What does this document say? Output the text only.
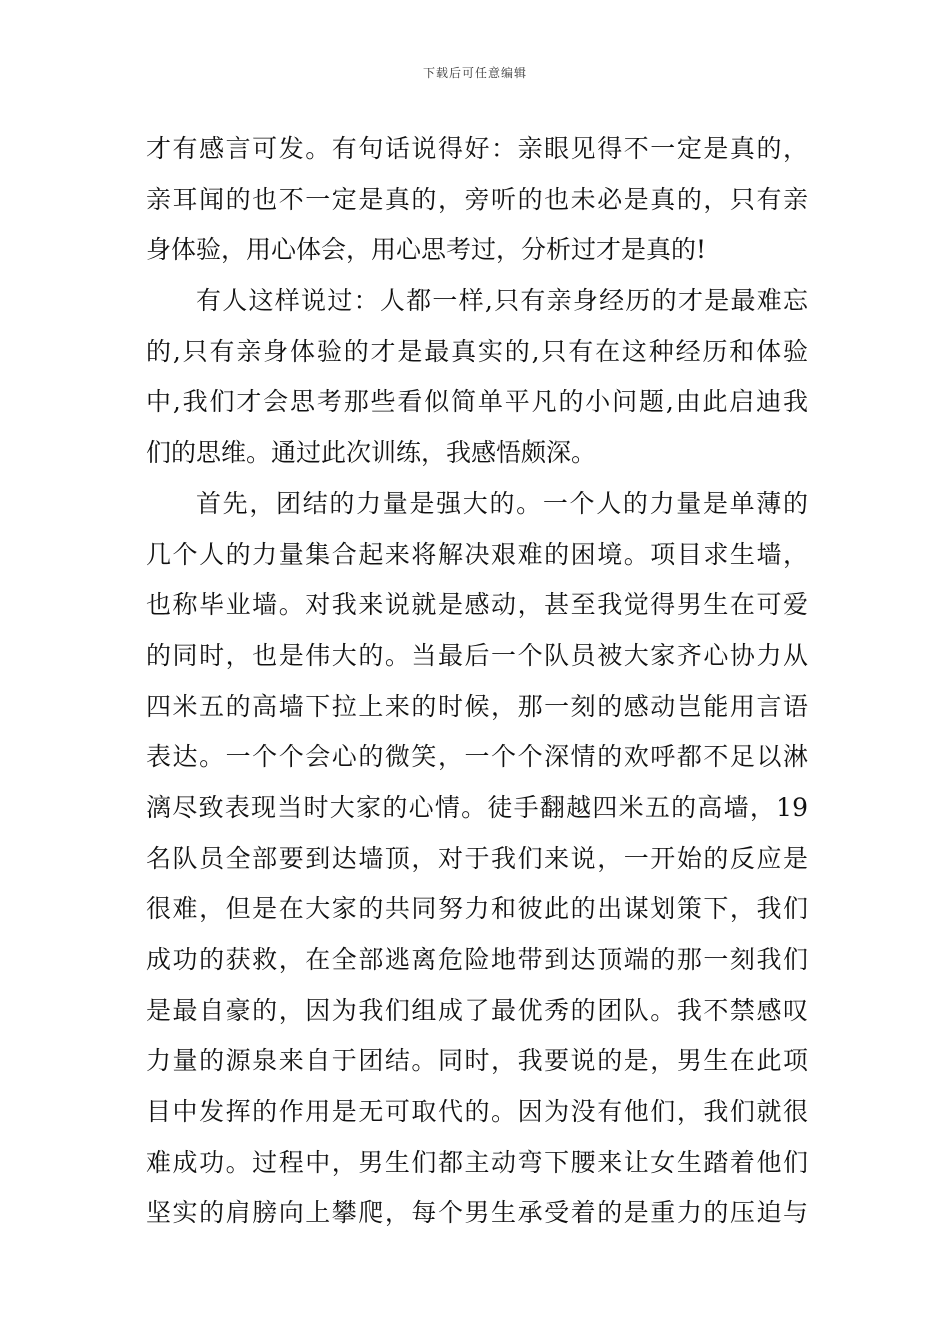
下载后可任意编辑
才有感言可发。有句话说得好：亲眼见得不一定是真的，
亲耳闻的也不一定是真的，旁听的也未必是真的，只有亲
身体验，用心体会，用心思考过，分析过才是真的!
有人这样说过：人都一样,只有亲身经历的才是最难忘
的,只有亲身体验的才是最真实的,只有在这种经历和体验
中,我们才会思考那些看似简单平凡的小问题,由此启迪我
们的思维。通过此次训练，我感悟颇深。
首先，团结的力量是强大的。一个人的力量是单薄的
几个人的力量集合起来将解决艰难的困境。项目求生墙，
也称毕业墙。对我来说就是感动，甚至我觉得男生在可爱
的同时，也是伟大的。当最后一个队员被大家齐心协力从
四米五的高墙下拉上来的时候，那一刻的感动岂能用言语
表达。一个个会心的微笑，一个个深情的欢呼都不足以淋
漓尽致表现当时大家的心情。徒手翻越四米五的高墙，19
名队员全部要到达墙顶，对于我们来说，一开始的反应是
很难，但是在大家的共同努力和彼此的出谋划策下，我们
成功的获救，在全部逃离危险地带到达顶端的那一刻我们
是最自豪的，因为我们组成了最优秀的团队。我不禁感叹
力量的源泉来自于团结。同时，我要说的是，男生在此项
目中发挥的作用是无可取代的。因为没有他们，我们就很
难成功。过程中，男生们都主动弯下腰来让女生踏着他们
坚实的肩膀向上攀爬，每个男生承受着的是重力的压迫与
